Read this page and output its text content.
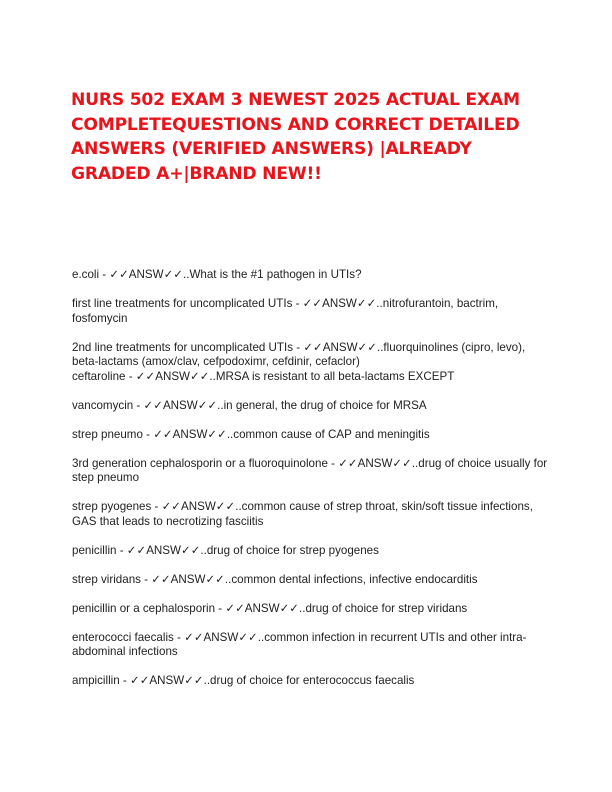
NURS 502 EXAM 3 NEWEST 2025 ACTUAL EXAM COMPLETEQUESTIONS AND CORRECT DETAILED ANSWERS (VERIFIED ANSWERS) |ALREADY GRADED A+|BRAND NEW!!
e.coli - ✓✓ANSW✓✓..What is the #1 pathogen in UTIs?
first line treatments for uncomplicated UTIs - ✓✓ANSW✓✓..nitrofurantoin, bactrim, fosfomycin
2nd line treatments for uncomplicated UTIs - ✓✓ANSW✓✓..fluorquinolines (cipro, levo), beta-lactams (amox/clav, cefpodoximr, cefdinir, cefaclor)
ceftaroline - ✓✓ANSW✓✓..MRSA is resistant to all beta-lactams EXCEPT
vancomycin - ✓✓ANSW✓✓..in general, the drug of choice for MRSA
strep pneumo - ✓✓ANSW✓✓..common cause of CAP and meningitis
3rd generation cephalosporin or a fluoroquinolone - ✓✓ANSW✓✓..drug of choice usually for step pneumo
strep pyogenes - ✓✓ANSW✓✓..common cause of strep throat, skin/soft tissue infections, GAS that leads to necrotizing fasciitis
penicillin - ✓✓ANSW✓✓..drug of choice for strep pyogenes
strep viridans - ✓✓ANSW✓✓..common dental infections, infective endocarditis
penicillin or a cephalosporin - ✓✓ANSW✓✓..drug of choice for strep viridans
enterococci faecalis - ✓✓ANSW✓✓..common infection in recurrent UTIs and other intra-abdominal infections
ampicillin - ✓✓ANSW✓✓..drug of choice for enterococcus faecalis
